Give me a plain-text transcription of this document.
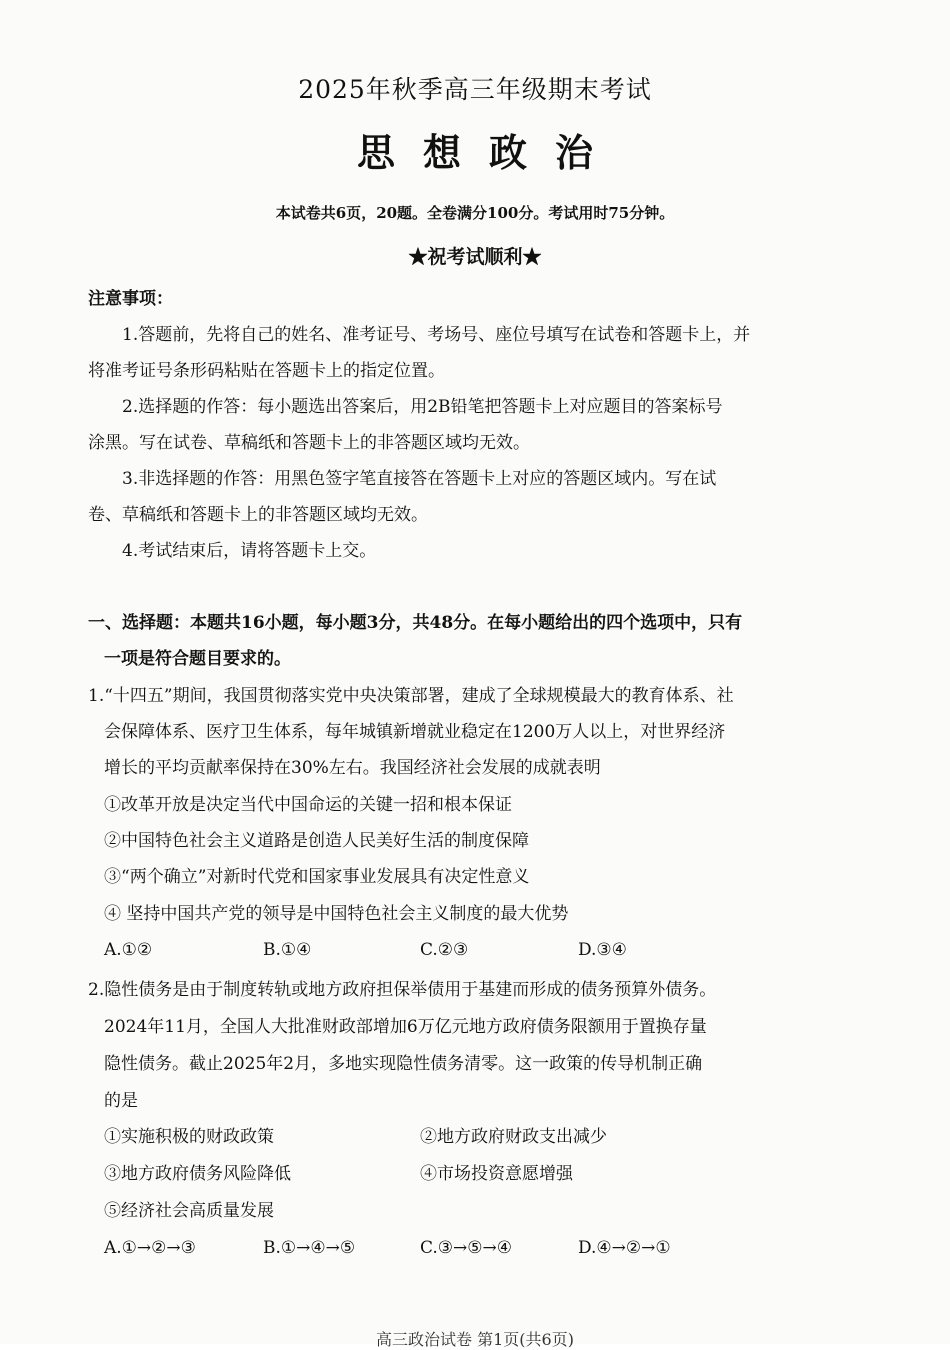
2025年秋季高三年级期末考试
思想政治
本试卷共6页，20题。全卷满分100分。考试用时75分钟。
★祝考试顺利★
注意事项：
1.答题前，先将自己的姓名、准考证号、考场号、座位号填写在试卷和答题卡上，并
将准考证号条形码粘贴在答题卡上的指定位置。
2.选择题的作答：每小题选出答案后，用2B铅笔把答题卡上对应题目的答案标号
涂黑。写在试卷、草稿纸和答题卡上的非答题区域均无效。
3.非选择题的作答：用黑色签字笔直接答在答题卡上对应的答题区域内。写在试
卷、草稿纸和答题卡上的非答题区域均无效。
4.考试结束后，请将答题卡上交。
一、选择题：本题共16小题，每小题3分，共48分。在每小题给出的四个选项中，只有
一项是符合题目要求的。
1.“十四五”期间，我国贯彻落实党中央决策部署，建成了全球规模最大的教育体系、社
会保障体系、医疗卫生体系，每年城镇新增就业稳定在1200万人以上，对世界经济
增长的平均贡献率保持在30%左右。我国经济社会发展的成就表明
①改革开放是决定当代中国命运的关键一招和根本保证
②中国特色社会主义道路是创造人民美好生活的制度保障
③“两个确立”对新时代党和国家事业发展具有决定性意义
④ 坚持中国共产党的领导是中国特色社会主义制度的最大优势
A.①②	B.①④	C.②③	D.③④
2.隐性债务是由于制度转轨或地方政府担保举债用于基建而形成的债务预算外债务。
2024年11月，全国人大批准财政部增加6万亿元地方政府债务限额用于置换存量
隐性债务。截止2025年2月，多地实现隐性债务清零。这一政策的传导机制正确
的是
①实施积极的财政政策	②地方政府财政支出减少
③地方政府债务风险降低	④市场投资意愿增强
⑤经济社会高质量发展
A.①→②→③	B.①→④→⑤	C.③→⑤→④	D.④→②→①
高三政治试卷 第1页(共6页)
